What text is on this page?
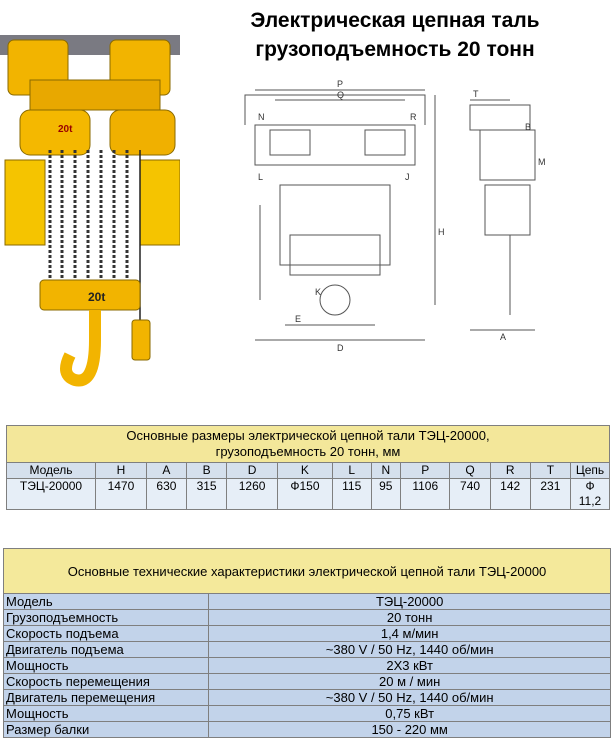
Электрическая цепная таль
грузоподъемность 20 тонн
20t
20t
P
Q
N	R
H
L	J
K
E
D
B
A
T
M
Основные размеры электрической цепной тали ТЭЦ-20000,
грузоподъемность 20 тонн, мм												

Модель	H	A	B	D	K	L	N	P	Q	R	T	Цепь
ТЭЦ-20000	1470	630	315	1260	Ф150	115	95	1106	740	142	231	Ф 11,2
Основные технические характеристики электрической цепной тали ТЭЦ-20000	
Модель	ТЭЦ-20000
Грузоподъемность	20 тонн
Скорость подъема	1,4 м/мин
Двигатель подъема	~380 V / 50 Hz, 1440 об/мин
Мощность	2Х3 кВт
Скорость перемещения	20 м / мин
Двигатель перемещения	~380 V / 50 Hz, 1440 об/мин
Мощность	0,75 кВт
Размер балки	150 - 220 мм
